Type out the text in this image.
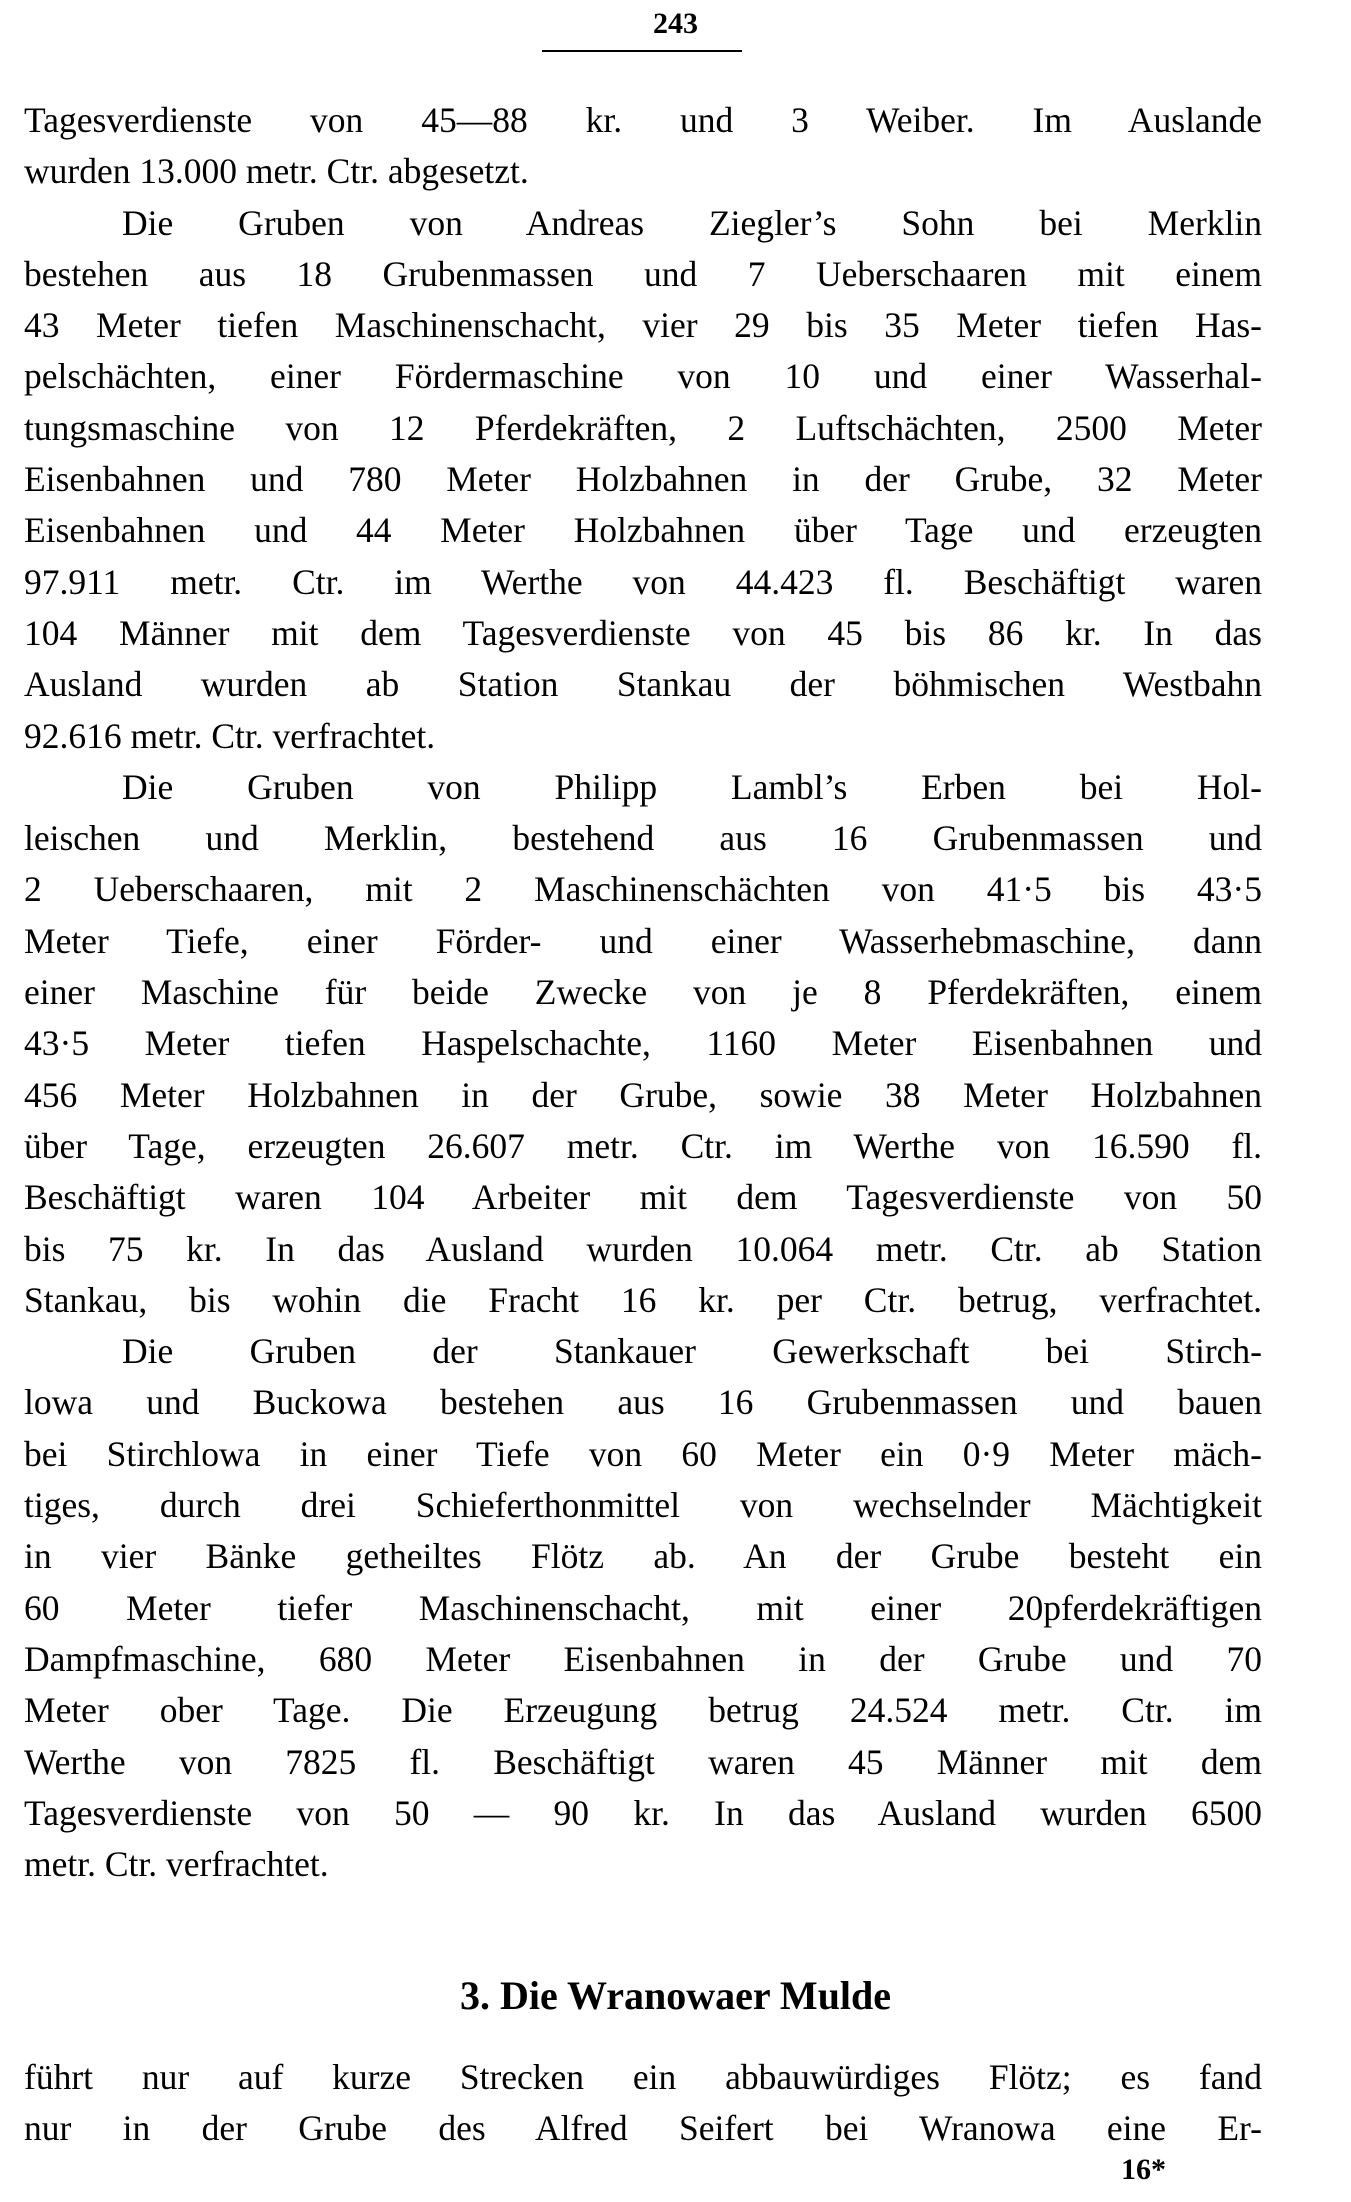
243
Tagesverdienste von 45—88 kr. und 3 Weiber. Im Auslande
wurden 13.000 metr. Ctr. abgesetzt.
Die Gruben von Andreas Ziegler’s Sohn bei Merklin
bestehen aus 18 Grubenmassen und 7 Ueberschaaren mit einem
43 Meter tiefen Maschinenschacht, vier 29 bis 35 Meter tiefen Has-
pelschächten, einer Fördermaschine von 10 und einer Wasserhal-
tungsmaschine von 12 Pferdekräften, 2 Luftschächten, 2500 Meter
Eisenbahnen und 780 Meter Holzbahnen in der Grube, 32 Meter
Eisenbahnen und 44 Meter Holzbahnen über Tage und erzeugten
97.911 metr. Ctr. im Werthe von 44.423 fl. Beschäftigt waren
104 Männer mit dem Tagesverdienste von 45 bis 86 kr. In das
Ausland wurden ab Station Stankau der böhmischen Westbahn
92.616 metr. Ctr. verfrachtet.
Die Gruben von Philipp Lambl’s Erben bei Hol-
leischen und Merklin, bestehend aus 16 Grubenmassen und
2 Ueberschaaren, mit 2 Maschinenschächten von 41·5 bis 43·5
Meter Tiefe, einer Förder- und einer Wasserhebmaschine, dann
einer Maschine für beide Zwecke von je 8 Pferdekräften, einem
43·5 Meter tiefen Haspelschachte, 1160 Meter Eisenbahnen und
456 Meter Holzbahnen in der Grube, sowie 38 Meter Holzbahnen
über Tage, erzeugten 26.607 metr. Ctr. im Werthe von 16.590 fl.
Beschäftigt waren 104 Arbeiter mit dem Tagesverdienste von 50
bis 75 kr. In das Ausland wurden 10.064 metr. Ctr. ab Station
Stankau, bis wohin die Fracht 16 kr. per Ctr. betrug, verfrachtet.
Die Gruben der Stankauer Gewerkschaft bei Stirch-
lowa und Buckowa bestehen aus 16 Grubenmassen und bauen
bei Stirchlowa in einer Tiefe von 60 Meter ein 0·9 Meter mäch-
tiges, durch drei Schieferthonmittel von wechselnder Mächtigkeit
in vier Bänke getheiltes Flötz ab. An der Grube besteht ein
60 Meter tiefer Maschinenschacht, mit einer 20pferdekräftigen
Dampfmaschine, 680 Meter Eisenbahnen in der Grube und 70
Meter ober Tage. Die Erzeugung betrug 24.524 metr. Ctr. im
Werthe von 7825 fl. Beschäftigt waren 45 Männer mit dem
Tagesverdienste von 50 — 90 kr. In das Ausland wurden 6500
metr. Ctr. verfrachtet.
3. Die Wranowaer Mulde
führt nur auf kurze Strecken ein abbauwürdiges Flötz; es fand
nur in der Grube des Alfred Seifert bei Wranowa eine Er-
16*
